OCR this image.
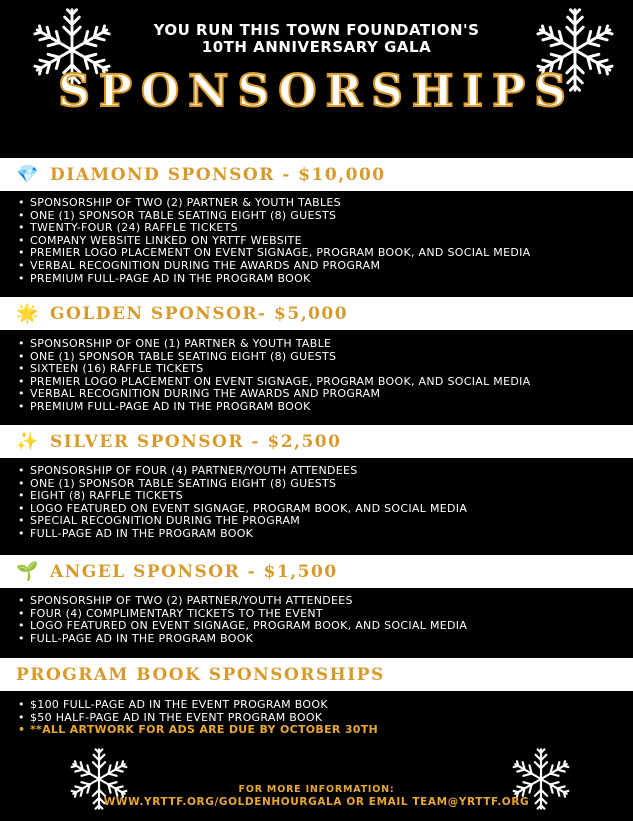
YOU RUN THIS TOWN FOUNDATION'S
10TH ANNIVERSARY GALA
SPONSORSHIPS
💎 DIAMOND SPONSOR - $10,000
• SPONSORSHIP OF TWO (2) PARTNER & YOUTH TABLES
• ONE (1) SPONSOR TABLE SEATING EIGHT (8) GUESTS
• TWENTY-FOUR (24) RAFFLE TICKETS
• COMPANY WEBSITE LINKED ON YRTTF WEBSITE
• PREMIER LOGO PLACEMENT ON EVENT SIGNAGE, PROGRAM BOOK, AND SOCIAL MEDIA
• VERBAL RECOGNITION DURING THE AWARDS AND PROGRAM
• PREMIUM FULL-PAGE AD IN THE PROGRAM BOOK
🌟 GOLDEN SPONSOR- $5,000
• SPONSORSHIP OF ONE (1) PARTNER & YOUTH TABLE
• ONE (1) SPONSOR TABLE SEATING EIGHT (8) GUESTS
• SIXTEEN (16) RAFFLE TICKETS
• PREMIER LOGO PLACEMENT ON EVENT SIGNAGE, PROGRAM BOOK, AND SOCIAL MEDIA
• VERBAL RECOGNITION DURING THE AWARDS AND PROGRAM
• PREMIUM FULL-PAGE AD IN THE PROGRAM BOOK
✨ SILVER SPONSOR - $2,500
• SPONSORSHIP OF FOUR (4) PARTNER/YOUTH ATTENDEES
• ONE (1) SPONSOR TABLE SEATING EIGHT (8) GUESTS
• EIGHT (8) RAFFLE TICKETS
• LOGO FEATURED ON EVENT SIGNAGE, PROGRAM BOOK, AND SOCIAL MEDIA
• SPECIAL RECOGNITION DURING THE PROGRAM
• FULL-PAGE AD IN THE PROGRAM BOOK
🌱 ANGEL SPONSOR - $1,500
• SPONSORSHIP OF TWO (2) PARTNER/YOUTH ATTENDEES
• FOUR (4) COMPLIMENTARY TICKETS TO THE EVENT
• LOGO FEATURED ON EVENT SIGNAGE, PROGRAM BOOK, AND SOCIAL MEDIA
• FULL-PAGE AD IN THE PROGRAM BOOK
PROGRAM BOOK SPONSORSHIPS
• $100 FULL-PAGE AD IN THE EVENT PROGRAM BOOK
• $50 HALF-PAGE AD IN THE EVENT PROGRAM BOOK
• **ALL ARTWORK FOR ADS ARE DUE BY OCTOBER 30TH
FOR MORE INFORMATION:
WWW.YRTTF.ORG/GOLDENHOURGALA OR EMAIL TEAM@YRTTF.ORG
